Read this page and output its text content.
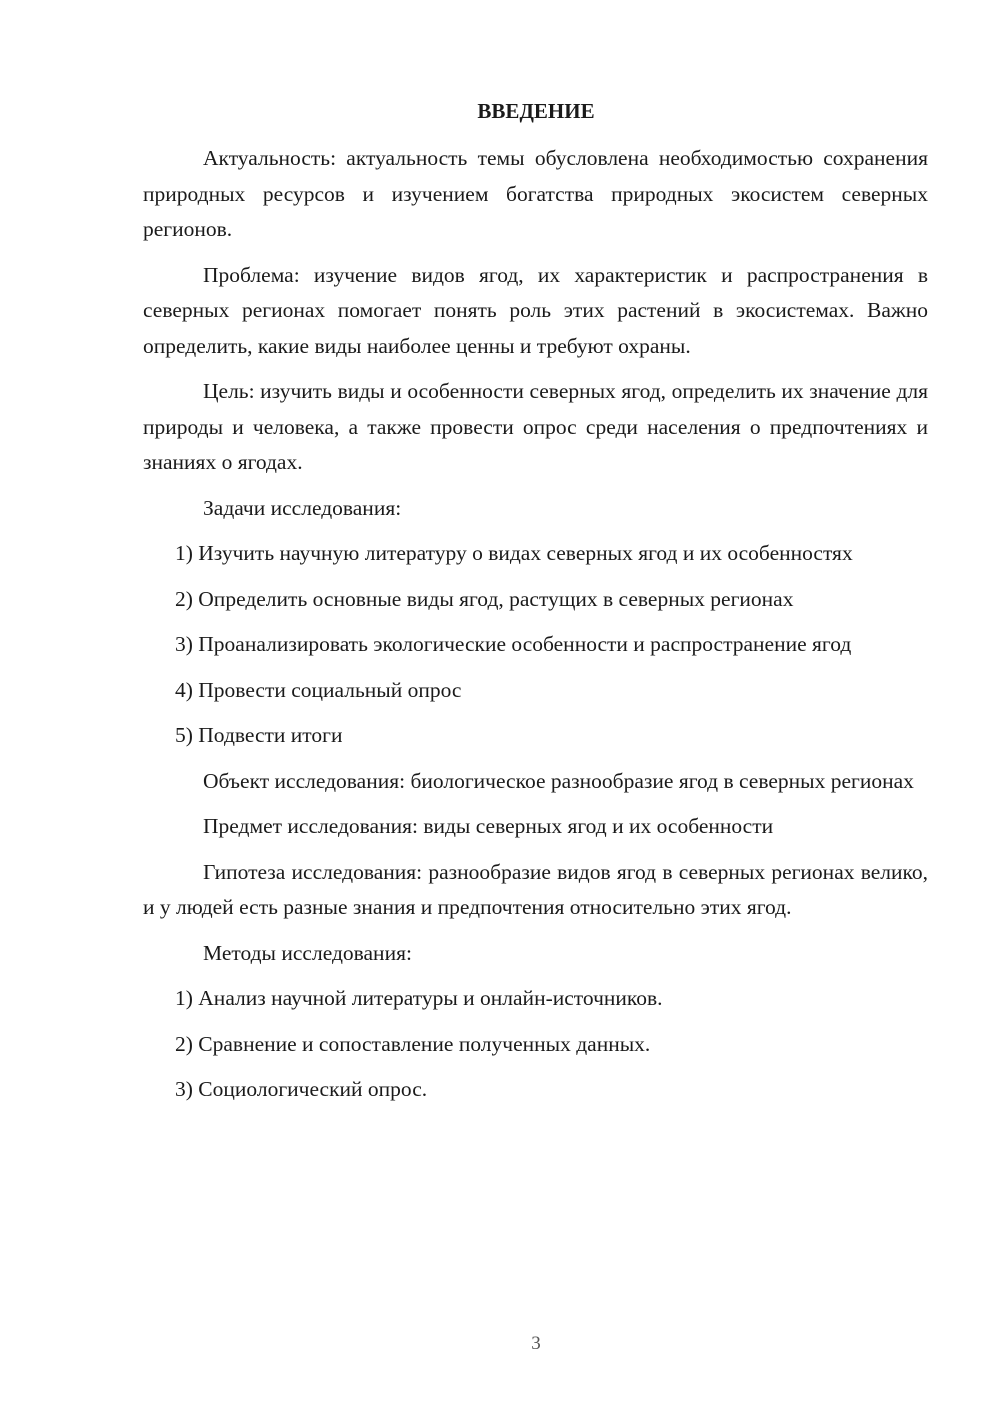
ВВЕДЕНИЕ

Актуальность: актуальность темы обусловлена необходимостью сохранения природных ресурсов и изучением богатства природных экосистем северных регионов.

Проблема: изучение видов ягод, их характеристик и распространения в северных регионах помогает понять роль этих растений в экосистемах. Важно определить, какие виды наиболее ценны и требуют охраны.

Цель: изучить виды и особенности северных ягод, определить их значение для природы и человека, а также провести опрос среди населения о предпочтениях и знаниях о ягодах.

Задачи исследования:

1) Изучить научную литературу о видах северных ягод и их особенностях

2) Определить основные виды ягод, растущих в северных регионах

3) Проанализировать экологические особенности и распространение ягод

4) Провести социальный опрос

5) Подвести итоги

Объект исследования: биологическое разнообразие ягод в северных регионах

Предмет исследования: виды северных ягод и их особенности

Гипотеза исследования: разнообразие видов ягод в северных регионах велико, и у людей есть разные знания и предпочтения относительно этих ягод.

Методы исследования:

1) Анализ научной литературы и онлайн-источников.

2) Сравнение и сопоставление полученных данных.

3) Социологический опрос.

3
